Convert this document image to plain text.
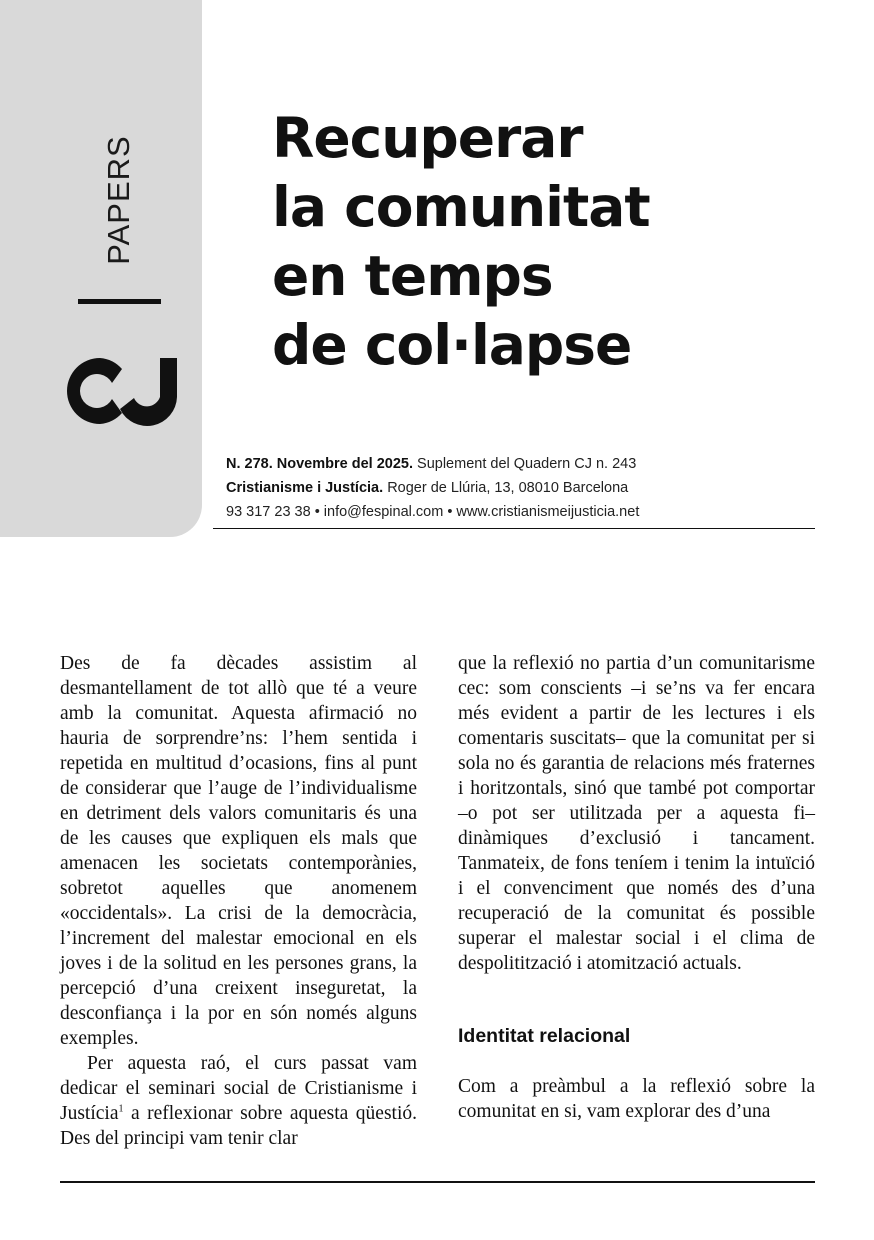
PAPERS Recuperar
la comunitat
en temps
de col·lapse
N. 278. Novembre del 2025. Suplement del Quadern CJ n. 243
Cristianisme i Justícia. Roger de Llúria, 13, 08010 Barcelona
93 317 23 38 • info@fespinal.com • www.cristianismeijusticia.net

Des de fa dècades assistim al desmantellament de tot allò que té a veure amb la comunitat. Aquesta afirmació no hauria de sorprendre’ns: l’hem sentida i repetida en multitud d’ocasions, fins al punt de considerar que l’auge de l’individualisme en detriment dels valors comunitaris és una de les causes que expliquen els mals que amenacen les societats contemporànies, sobretot aquelles que anomenem «occidentals». La crisi de la democràcia, l’increment del malestar emocional en els joves i de la solitud en les persones grans, la percepció d’una creixent inseguretat, la desconfiança i la por en són només alguns exemples.

Per aquesta raó, el curs passat vam dedicar el seminari social de Cristianisme i Justícia$^1$ a reflexionar sobre aquesta qüestió. Des del principi vam tenir clar

que la reflexió no partia d’un comunitarisme cec: som conscients –i se’ns va fer encara més evident a partir de les lectures i els comentaris suscitats– que la comunitat per si sola no és garantia de relacions més fraternes i horitzontals, sinó que també pot comportar –o pot ser utilitzada per a aquesta fi– dinàmiques d’exclusió i tancament. Tanmateix, de fons teníem i tenim la intuïció i el convenciment que només des d’una recuperació de la comunitat és possible superar el malestar social i el clima de despolitització i atomització actuals.

Identitat relacional

Com a preàmbul a la reflexió sobre la comunitat en si, vam explorar des d’una
